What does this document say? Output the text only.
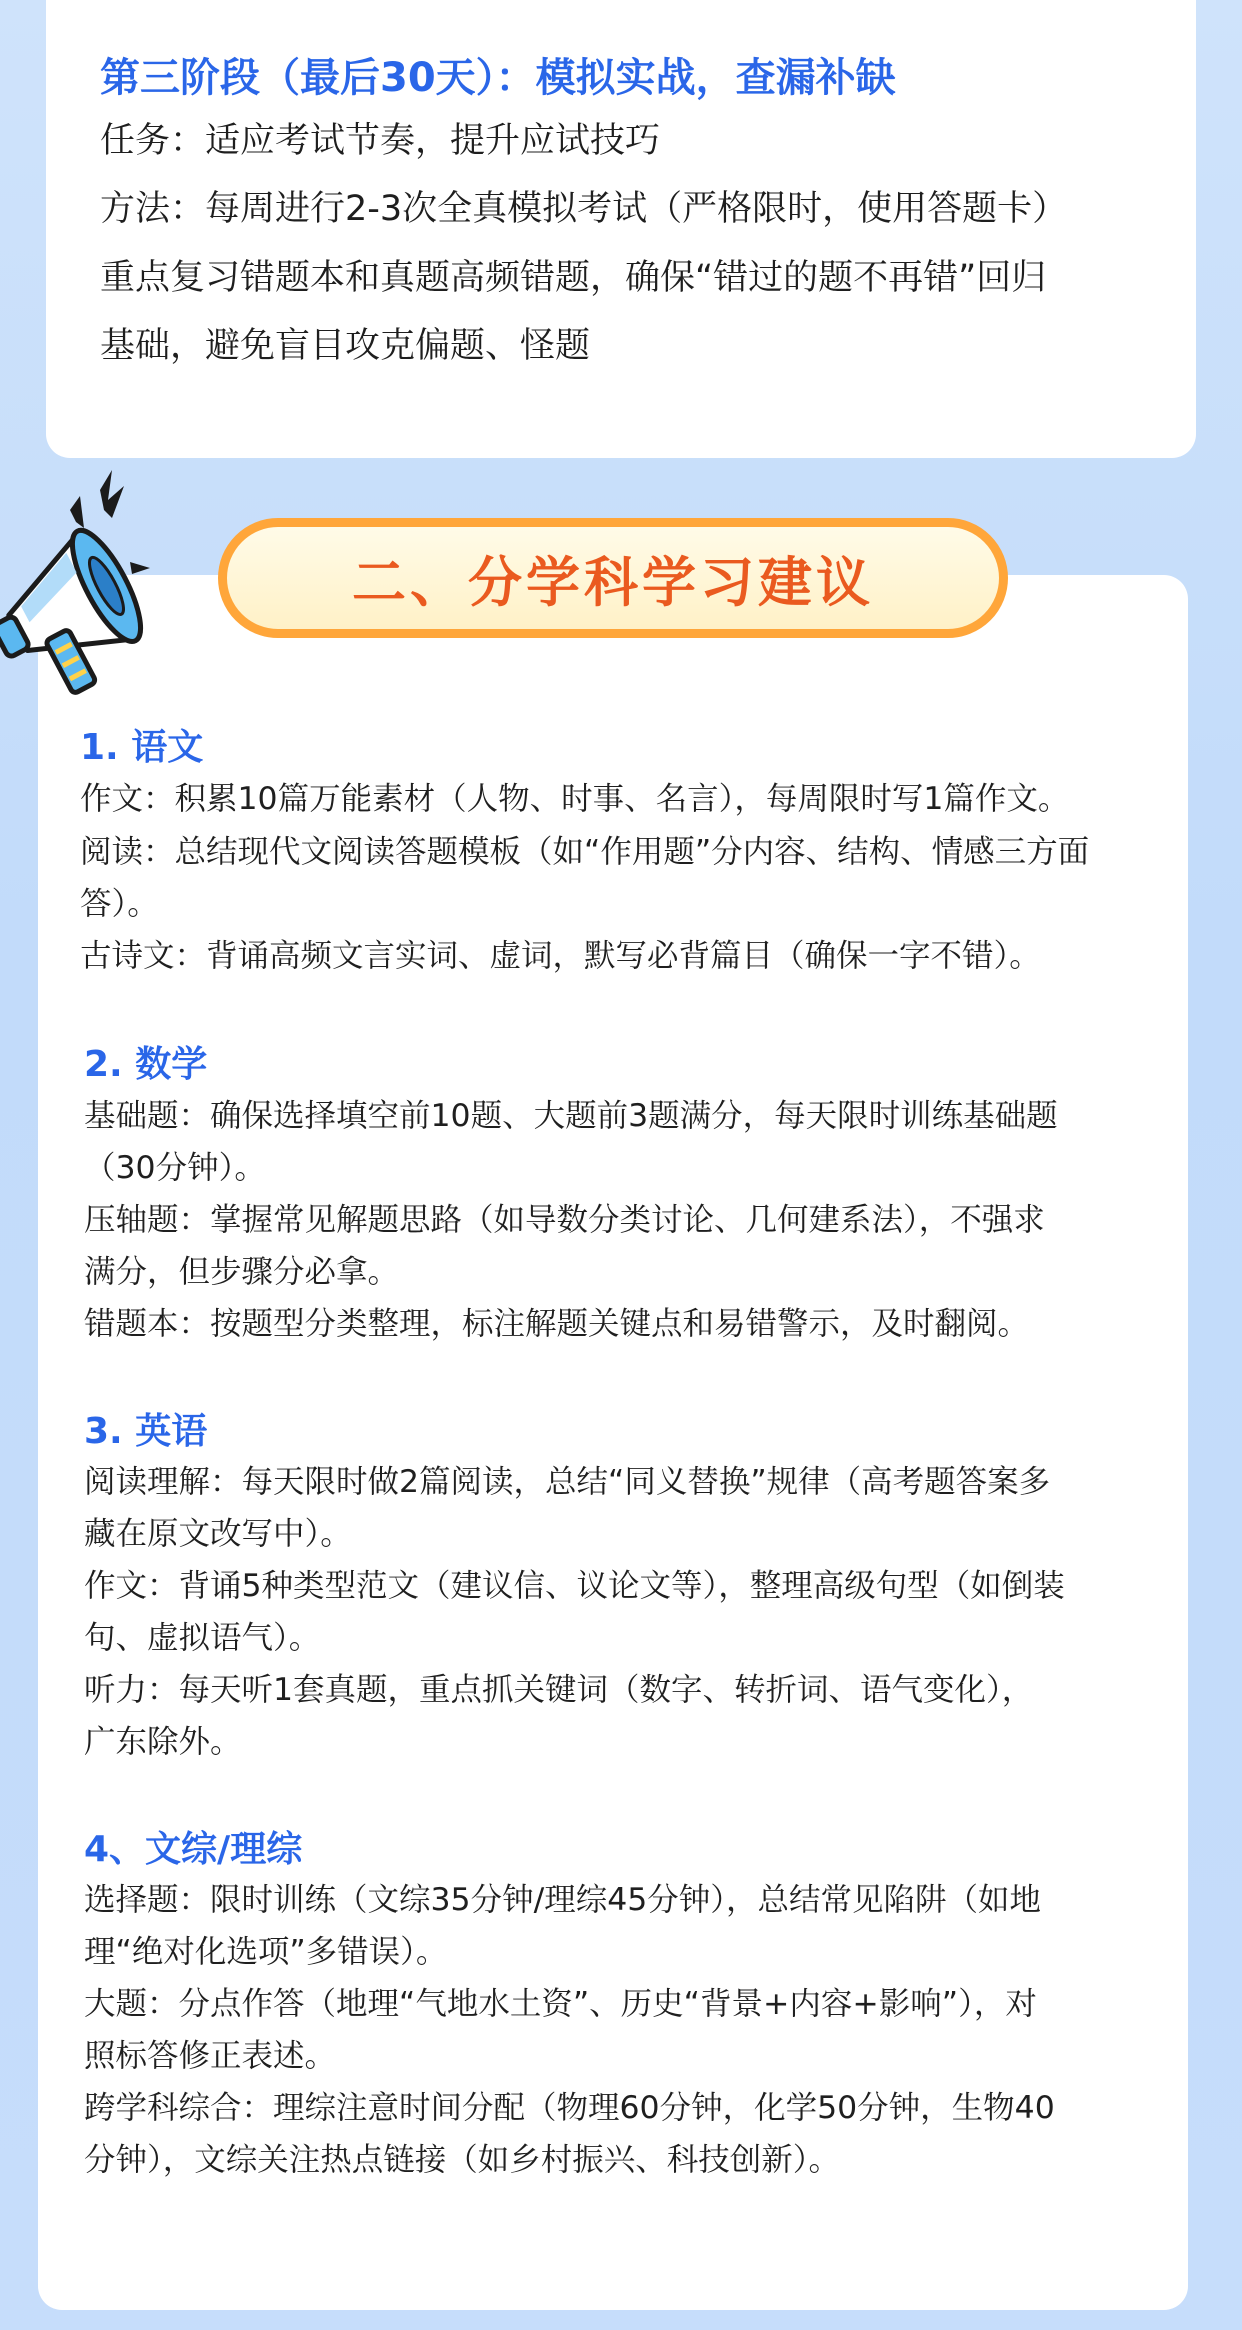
第三阶段（最后30天）：模拟实战，查漏补缺

任务：适应考试节奏，提升应试技巧

方法：每周进行2-3次全真模拟考试（严格限时，使用答题卡）

重点复习错题本和真题高频错题，确保“错过的题不再错”回归

基础，避免盲目攻克偏题、怪题

二、分学科学习建议
1. 语文

作文：积累10篇万能素材（人物、时事、名言），每周限时写1篇作文。

阅读：总结现代文阅读答题模板（如“作用题”分内容、结构、情感三方面

答）。

古诗文：背诵高频文言实词、虚词，默写必背篇目（确保一字不错）。

2. 数学

基础题：确保选择填空前10题、大题前3题满分，每天限时训练基础题

（30分钟）。

压轴题：掌握常见解题思路（如导数分类讨论、几何建系法），不强求

满分，但步骤分必拿。

错题本：按题型分类整理，标注解题关键点和易错警示，及时翻阅。

3. 英语

阅读理解：每天限时做2篇阅读，总结“同义替换”规律（高考题答案多

藏在原文改写中）。

作文：背诵5种类型范文（建议信、议论文等），整理高级句型（如倒装

句、虚拟语气）。

听力：每天听1套真题，重点抓关键词（数字、转折词、语气变化），

广东除外。

4、文综/理综

选择题：限时训练（文综35分钟/理综45分钟），总结常见陷阱（如地

理“绝对化选项”多错误）。

大题：分点作答（地理“气地水土资”、历史“背景+内容+影响”），对

照标答修正表述。

跨学科综合：理综注意时间分配（物理60分钟，化学50分钟，生物40

分钟），文综关注热点链接（如乡村振兴、科技创新）。
